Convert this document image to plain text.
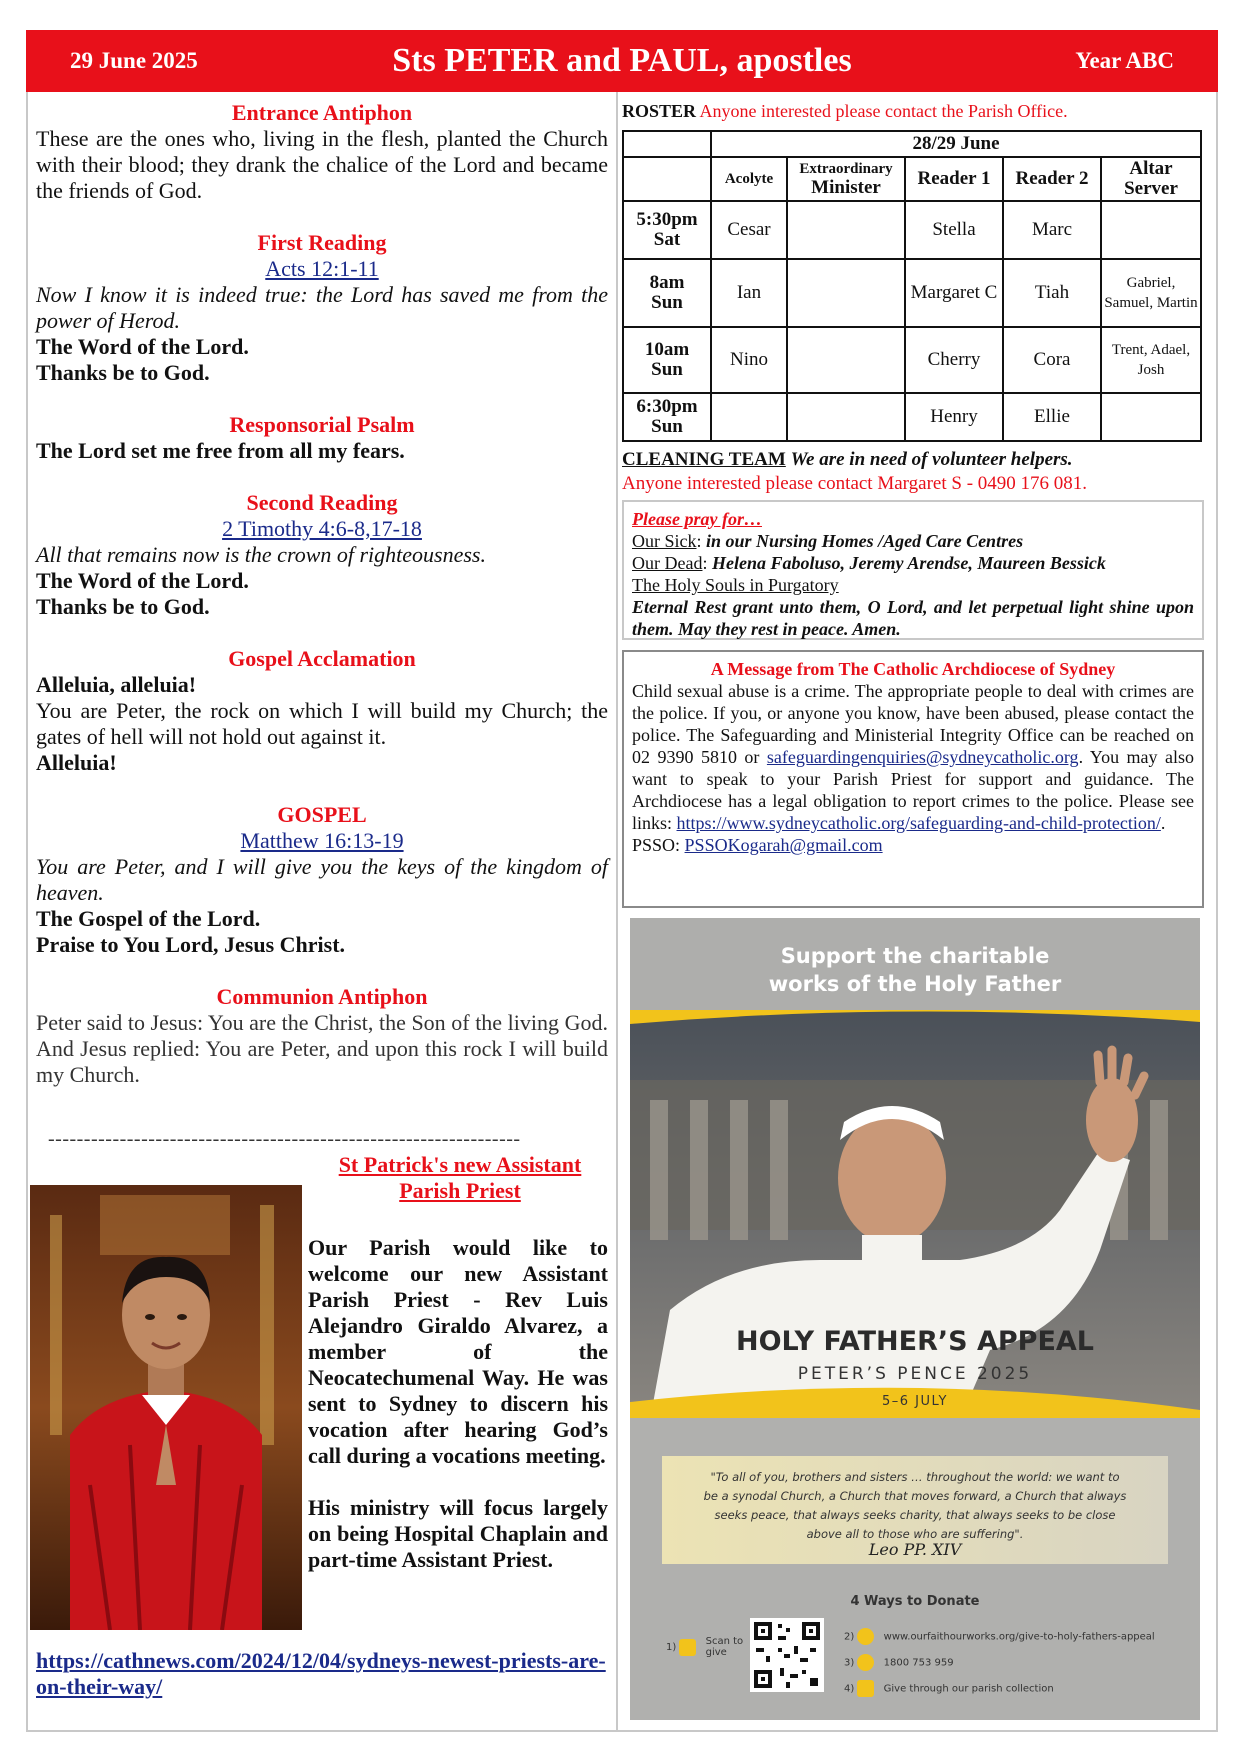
29 June 2025	Sts PETER and PAUL, apostles	Year ABC
Entrance Antiphon
These are the ones who, living in the flesh, planted the Church with their blood; they drank the chalice of the Lord and became the friends of God.
First Reading
Acts 12:1-11
Now I know it is indeed true: the Lord has saved me from the power of Herod.
The Word of the Lord.
Thanks be to God.
Responsorial Psalm
The Lord set me free from all my fears.
Second Reading
2 Timothy 4:6-8,17-18
All that remains now is the crown of righteousness.
The Word of the Lord.
Thanks be to God.
Gospel Acclamation
Alleluia, alleluia!
You are Peter, the rock on which I will build my Church; the gates of hell will not hold out against it.
Alleluia!
GOSPEL
Matthew 16:13-19
You are Peter, and I will give you the keys of the kingdom of heaven.
The Gospel of the Lord.
Praise to You Lord, Jesus Christ.
Communion Antiphon
Peter said to Jesus: You are the Christ, the Son of the living God. And Jesus replied: You are Peter, and upon this rock I will build my Church.
------------------------------------------------------------------
St Patrick's new Assistant Parish Priest
Our Parish would like to welcome our new Assistant Parish Priest - Rev Luis Alejandro Giraldo Alvarez, a member of the Neocatechumenal Way. He was sent to Sydney to discern his vocation after hearing God’s call during a vocations meeting.
His ministry will focus largely on being Hospital Chaplain and part-time Assistant Priest.
https://cathnews.com/2024/12/04/sydneys-newest-priests-are-on-their-way/
ROSTER Anyone interested please contact the Parish Office.
	28/29 June				
	Acolyte	Extraordinary
Minister	Reader 1	Reader 2	Altar Server

5:30pm
Sat	Cesar		Stella	Marc	

8am
Sun	Ian		Margaret C	Tiah	Gabriel, Samuel, Martin

10am
Sun	Nino		Cherry	Cora	Trent, Adael, Josh

6:30pm
Sun			Henry	Ellie	
CLEANING TEAM We are in need of volunteer helpers.
Anyone interested please contact Margaret S - 0490 176 081.
Please pray for…
Our Sick: in our Nursing Homes /Aged Care Centres
Our Dead: Helena Faboluso, Jeremy Arendse, Maureen Bessick
The Holy Souls in Purgatory
Eternal Rest grant unto them, O Lord, and let perpetual light shine upon them. May they rest in peace. Amen.
A Message from The Catholic Archdiocese of Sydney
Child sexual abuse is a crime. The appropriate people to deal with crimes are the police. If you, or anyone you know, have been abused, please contact the police. The Safeguarding and Ministerial Integrity Office can be reached on 02 9390 5810 or safeguardingenquiries@sydneycatholic.org. You may also want to speak to your Parish Priest for support and guidance. The Archdiocese has a legal obligation to report crimes to the police. Please see links: https://www.sydneycatholic.org/safeguarding-and-child-protection/.
PSSO: PSSOKogarah@gmail.com
Support the charitable
works of the Holy Father
HOLY FATHER’S APPEAL
PETER’S PENCE 2025
5–6 JULY
"To all of you, brothers and sisters … throughout the world: we want to be a synodal Church, a Church that moves forward, a Church that always seeks peace, that always seeks charity, that always seeks to be close above all to those who are suffering".
Leo PP. XIV
4 Ways to Donate
1)  Scan to give
2)	www.ourfaithourworks.org/give-to-holy-fathers-appeal
3)	1800 753 959
4)	Give through our parish collection
